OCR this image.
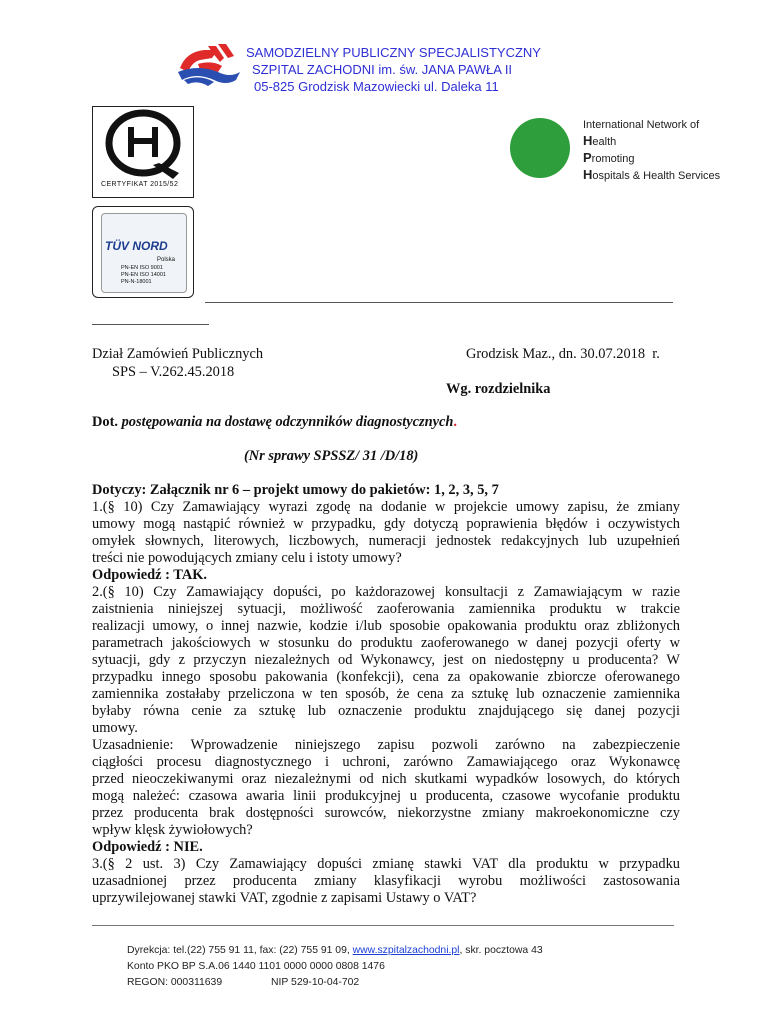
SAMODZIELNY PUBLICZNY SPECJALISTYCZNY
SZPITAL ZACHODNI im. św. JANA PAWŁA II
05-825 Grodzisk Mazowiecki ul. Daleka 11
CERTYFIKAT 2015/52
International Network of
Health
Promoting
Hospitals & Health Services
TÜV NORD
Polska
PN-EN ISO 9001
PN-EN ISO 14001
PN-N-18001
Dział Zamówień Publicznych
SPS – V.262.45.2018
Grodzisk Maz., dn. 30.07.2018  r.
Wg. rozdzielnika
Dot. postępowania na dostawę odczynników diagnostycznych.
(Nr sprawy SPSSZ/ 31 /D/18)
Dotyczy: Załącznik nr 6 – projekt umowy do pakietów: 1, 2, 3, 5, 7
1.(§ 10) Czy Zamawiający wyrazi zgodę na dodanie w projekcie umowy zapisu, że zmiany
umowy mogą nastąpić również w przypadku, gdy dotyczą poprawienia błędów i oczywistych
omyłek słownych, literowych, liczbowych, numeracji jednostek redakcyjnych lub uzupełnień
treści nie powodujących zmiany celu i istoty umowy?
Odpowiedź : TAK.
2.(§ 10) Czy Zamawiający dopuści, po każdorazowej konsultacji z Zamawiającym w razie
zaistnienia niniejszej sytuacji, możliwość zaoferowania zamiennika produktu w trakcie
realizacji umowy, o innej nazwie, kodzie i/lub sposobie opakowania produktu oraz zbliżonych
parametrach jakościowych w stosunku do produktu zaoferowanego w danej pozycji oferty w
sytuacji, gdy z przyczyn niezależnych od Wykonawcy, jest on niedostępny u producenta? W
przypadku innego sposobu pakowania (konfekcji), cena za opakowanie zbiorcze oferowanego
zamiennika zostałaby przeliczona w ten sposób, że cena za sztukę lub oznaczenie zamiennika
byłaby równa cenie za sztukę lub oznaczenie produktu znajdującego się danej pozycji
umowy.
Uzasadnienie: Wprowadzenie niniejszego zapisu pozwoli zarówno na zabezpieczenie
ciągłości procesu diagnostycznego i uchroni, zarówno Zamawiającego oraz Wykonawcę
przed nieoczekiwanymi oraz niezależnymi od nich skutkami wypadków losowych, do których
mogą należeć: czasowa awaria linii produkcyjnej u producenta, czasowe wycofanie produktu
przez producenta brak dostępności surowców, niekorzystne zmiany makroekonomiczne czy
wpływ klęsk żywiołowych?
Odpowiedź : NIE.
3.(§ 2 ust. 3) Czy Zamawiający dopuści zmianę stawki VAT dla produktu w przypadku
uzasadnionej przez producenta zmiany klasyfikacji wyrobu możliwości zastosowania
uprzywilejowanej stawki VAT, zgodnie z zapisami Ustawy o VAT?
Dyrekcja: tel.(22) 755 91 11, fax: (22) 755 91 09, www.szpitalzachodni.pl, skr. pocztowa 43
Konto PKO BP S.A.06 1440 1101 0000 0000 0808 1476
REGON: 000311639	NIP 529-10-04-702
